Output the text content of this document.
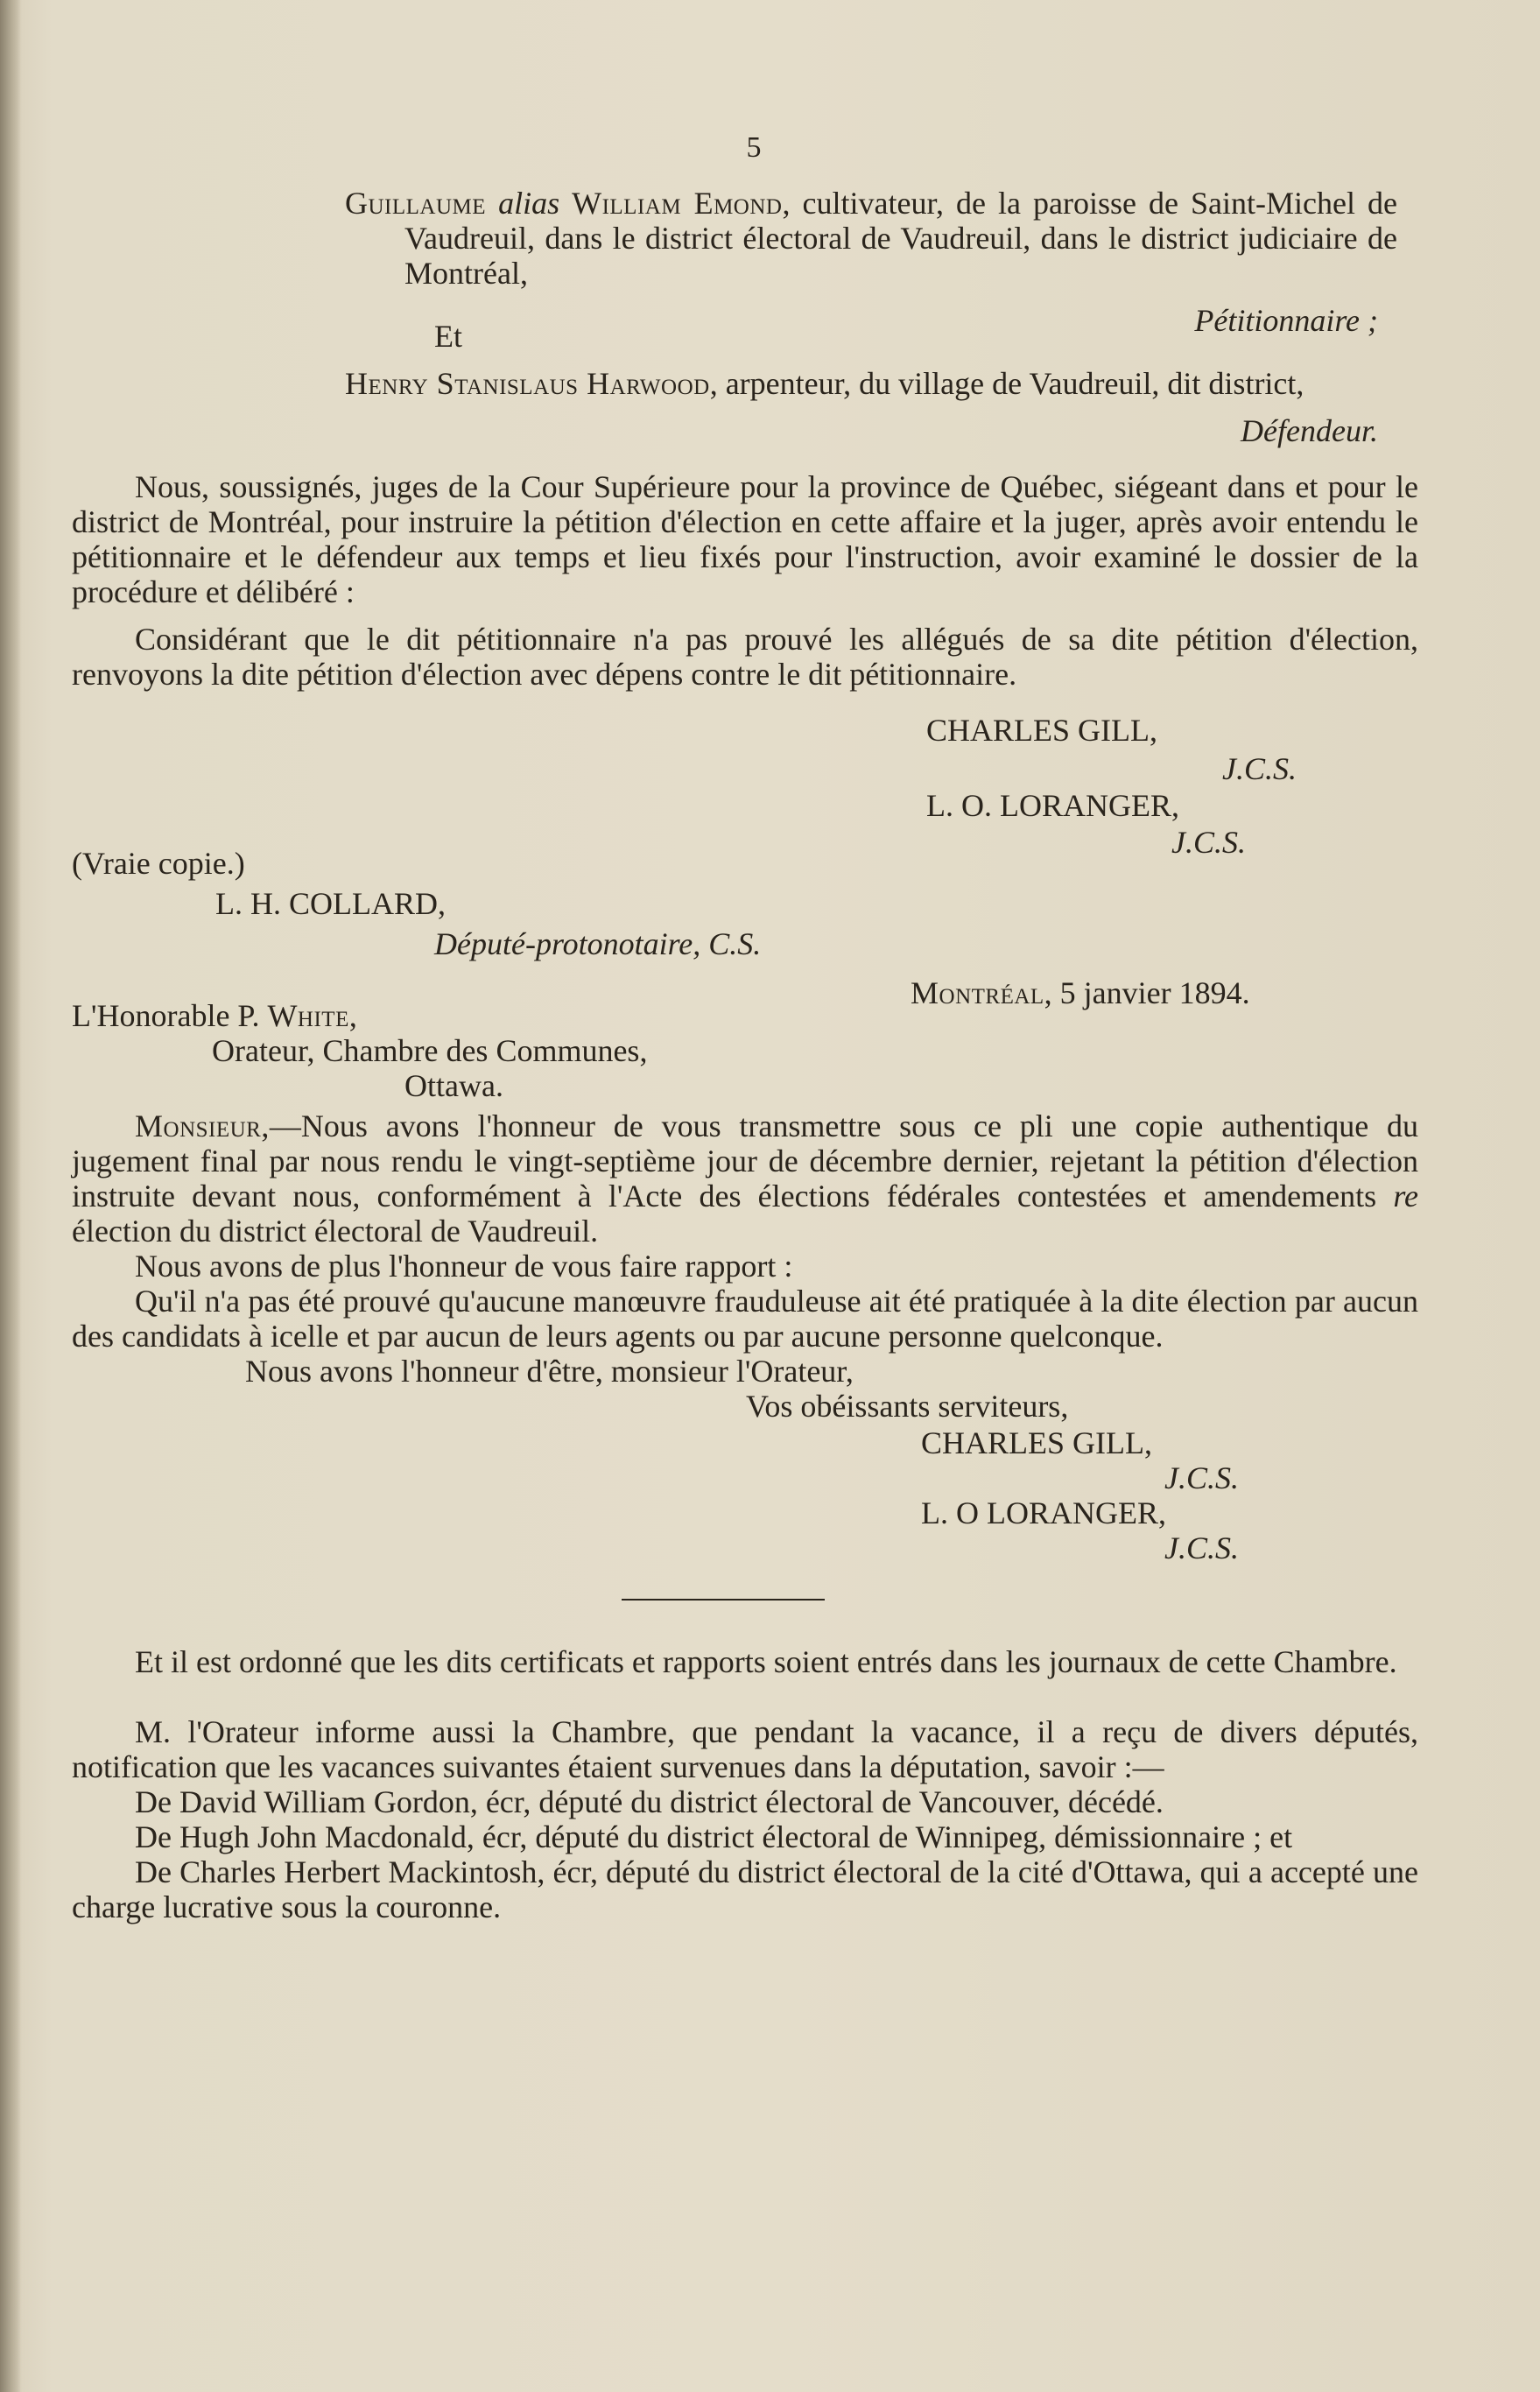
5

Guillaume alias William Emond, cultivateur, de la paroisse de Saint-Michel de Vaudreuil, dans le district électoral de Vaudreuil, dans le district judiciaire de Montréal,

Pétitionnaire ;

Et

Henry Stanislaus Harwood, arpenteur, du village de Vaudreuil, dit district,

Défendeur.

Nous, soussignés, juges de la Cour Supérieure pour la province de Québec, siégeant dans et pour le district de Montréal, pour instruire la pétition d'élection en cette affaire et la juger, après avoir entendu le pétitionnaire et le défendeur aux temps et lieu fixés pour l'instruction, avoir examiné le dossier de la procédure et délibéré :

Considérant que le dit pétitionnaire n'a pas prouvé les allégués de sa dite pétition d'élection, renvoyons la dite pétition d'élection avec dépens contre le dit pétitionnaire.

CHARLES GILL,
J.C.S.
L. O. LORANGER,
J.C.S.
(Vraie copie.)
L. H. COLLARD,
Député-protonotaire, C.S.
Montréal, 5 janvier 1894.
L'Honorable P. White,
Orateur, Chambre des Communes,
Ottawa.

Monsieur,—Nous avons l'honneur de vous transmettre sous ce pli une copie authentique du jugement final par nous rendu le vingt-septième jour de décembre dernier, rejetant la pétition d'élection instruite devant nous, conformément à l'Acte des élections fédérales contestées et amendements re élection du district électoral de Vaudreuil.

Nous avons de plus l'honneur de vous faire rapport :

Qu'il n'a pas été prouvé qu'aucune manœuvre frauduleuse ait été pratiquée à la dite élection par aucun des candidats à icelle et par aucun de leurs agents ou par aucune personne quelconque.

Nous avons l'honneur d'être, monsieur l'Orateur,

Vos obéissants serviteurs,

CHARLES GILL,
J.C.S.
L. O LORANGER,
J.C.S.

Et il est ordonné que les dits certificats et rapports soient entrés dans les journaux de cette Chambre.

M. l'Orateur informe aussi la Chambre, que pendant la vacance, il a reçu de divers députés, notification que les vacances suivantes étaient survenues dans la députation, savoir :—

De David William Gordon, écr, député du district électoral de Vancouver, décédé.

De Hugh John Macdonald, écr, député du district électoral de Winnipeg, démissionnaire ; et

De Charles Herbert Mackintosh, écr, député du district électoral de la cité d'Ottawa, qui a accepté une charge lucrative sous la couronne.
